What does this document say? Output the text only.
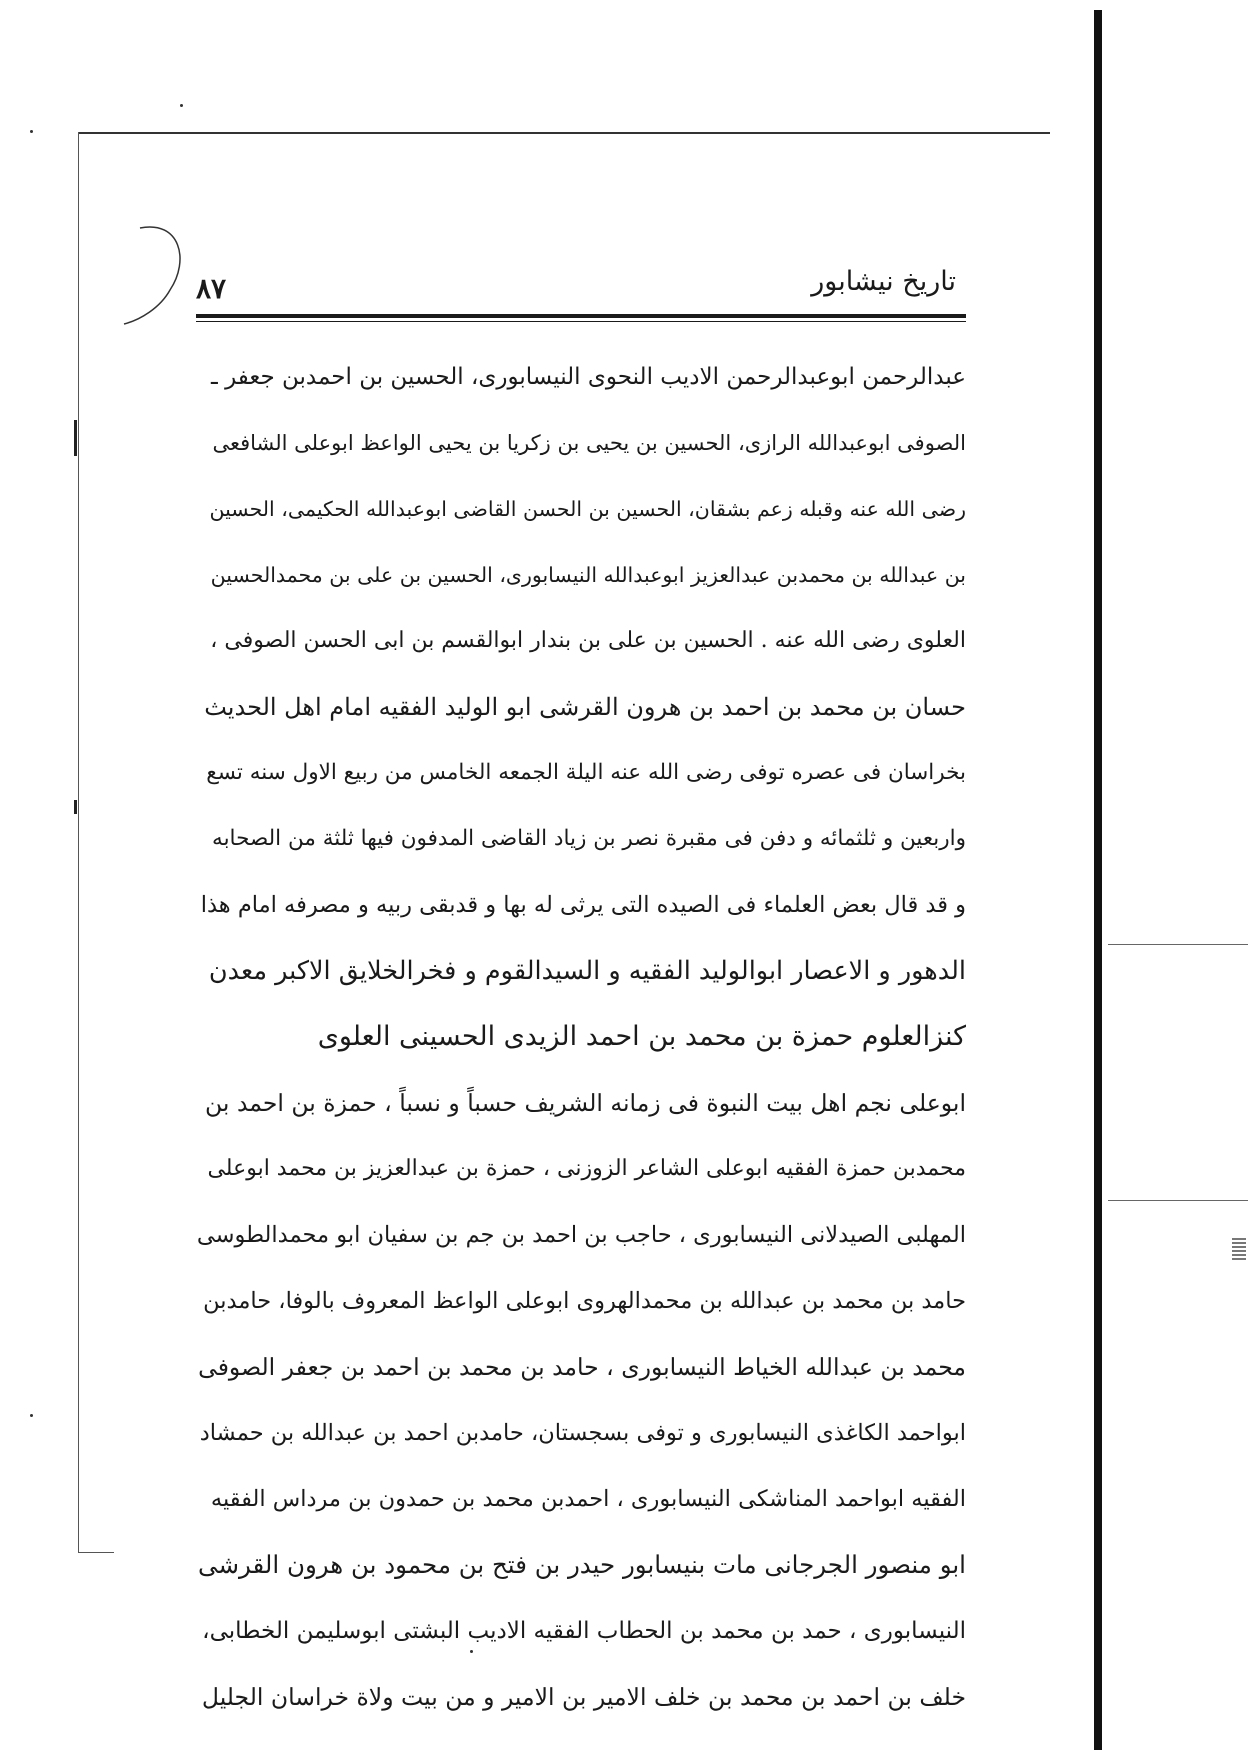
۸۷	تاریخ نیشابور
عبدالرحمن ابوعبدالرحمن الادیب النحوی النیسابوری، الحسین بن احمدبن جعفر ـ
الصوفی ابوعبدالله الرازی، الحسین بن یحیی بن زکریا بن یحیی الواعظ ابوعلی الشافعی
رضی الله عنه وقبله زعم بشقان، الحسین بن الحسن القاضی ابوعبدالله الحکیمی، الحسین
بن عبدالله بن محمدبن عبدالعزیز ابوعبدالله النیسابوری، الحسین بن علی بن محمدالحسین
العلوی رضی الله عنه . الحسین بن علی بن بندار ابوالقسم بن ابی الحسن الصوفی ،
حسان بن محمد بن احمد بن هرون القرشی ابو الولید الفقیه امام اهل الحدیث
بخراسان فی عصره توفی رضی الله عنه الیلة الجمعه الخامس من ربیع الاول سنه تسع
واربعین و ثلثمائه و دفن فی مقبرة نصر بن زیاد القاضی المدفون فیها ثلثة من الصحابه
و قد قال بعض العلماء فی الصیده التی یرثی له بها و قدبقی ربیه و مصرفه امام هذا
الدهور و الاعصار ابوالولید الفقیه و السیدالقوم و فخرالخلایق الاکبر معدن
کنزالعلوم حمزة بن محمد بن احمد الزیدی الحسینی العلوی
ابوعلی نجم اهل بیت النبوة فی زمانه الشریف حسباً و نسباً ، حمزة بن احمد بن
محمدبن حمزة الفقیه ابوعلی الشاعر الزوزنی ، حمزة بن عبدالعزیز بن محمد ابوعلی
المهلبی الصیدلانی النیسابوری ، حاجب بن احمد بن جم بن سفیان ابو محمدالطوسی
حامد بن محمد بن عبدالله بن محمدالهروی ابوعلی الواعظ المعروف بالوفا، حامدبن
محمد بن عبدالله الخیاط النیسابوری ، حامد بن محمد بن احمد بن جعفر الصوفی
ابواحمد الکاغذی النیسابوری و توفی بسجستان، حامدبن احمد بن عبدالله بن حمشاد
الفقیه ابواحمد المناشکی النیسابوری ، احمدبن محمد بن حمدون بن مرداس الفقیه
ابو منصور الجرجانی مات بنیسابور حیدر بن فتح بن محمود بن هرون القرشی
النیسابوری ، حمد بن محمد بن الحطاب الفقیه الادیب البشتی ابوسلیمن الخطابی،
خلف بن احمد بن محمد بن خلف الامیر بن الامیر و من بیت ولاة خراسان الجلیل
